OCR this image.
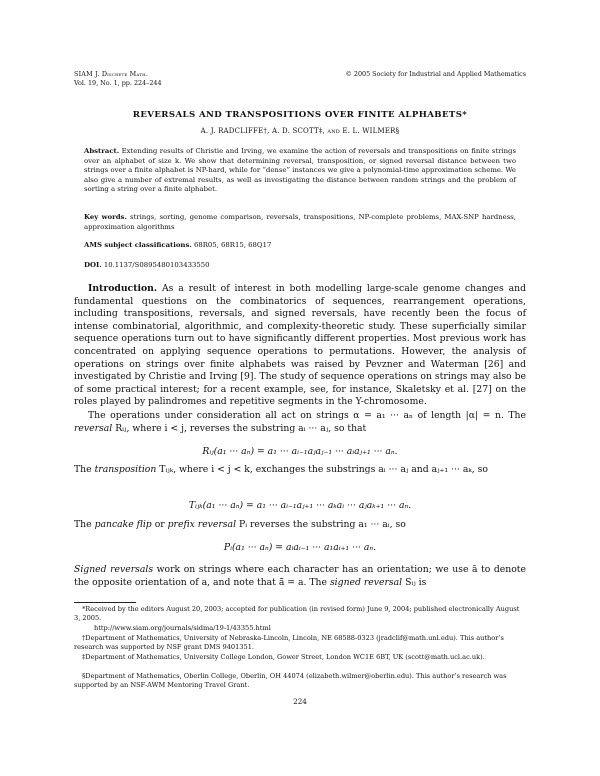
SIAM J. Discrete Math.
Vol. 19, No. 1, pp. 224–244
© 2005 Society for Industrial and Applied Mathematics
REVERSALS AND TRANSPOSITIONS OVER FINITE ALPHABETS*
A. J. RADCLIFFE†, A. D. SCOTT‡, and E. L. WILMER§
Abstract. Extending results of Christie and Irving, we examine the action of reversals and transpositions on finite strings over an alphabet of size k. We show that determining reversal, transposition, or signed reversal distance between two strings over a finite alphabet is NP-hard, while for “dense” instances we give a polynomial-time approximation scheme. We also give a number of extremal results, as well as investigating the distance between random strings and the problem of sorting a string over a finite alphabet.
Key words. strings, sorting, genome comparison, reversals, transpositions, NP-complete problems, MAX-SNP hardness, approximation algorithms
AMS subject classifications. 68R05, 68R15, 68Q17
DOI. 10.1137/S0895480103433550
Introduction. As a result of interest in both modelling large-scale genome changes and fundamental questions on the combinatorics of sequences, rearrangement operations, including transpositions, reversals, and signed reversals, have recently been the focus of intense combinatorial, algorithmic, and complexity-theoretic study. These superficially similar sequence operations turn out to have significantly different properties. Most previous work has concentrated on applying sequence operations to permutations. However, the analysis of operations on strings over finite alphabets was raised by Pevzner and Waterman [26] and investigated by Christie and Irving [9]. The study of sequence operations on strings may also be of some practical interest; for a recent example, see, for instance, Skaletsky et al. [27] on the roles played by palindromes and repetitive segments in the Y-chromosome.
The operations under consideration all act on strings α = a₁ ··· aₙ of length |α| = n. The reversal Rᵢⱼ, where i < j, reverses the substring aᵢ ··· aⱼ, so that
Rᵢⱼ(a₁ ··· aₙ) = a₁ ··· aᵢ₋₁aⱼaⱼ₋₁ ··· aᵢaⱼ₊₁ ··· aₙ.
The transposition Tᵢⱼₖ, where i < j < k, exchanges the substrings aᵢ ··· aⱼ and aⱼ₊₁ ··· aₖ, so
Tᵢⱼₖ(a₁ ··· aₙ) = a₁ ··· aᵢ₋₁aⱼ₊₁ ··· aₖaᵢ ··· aⱼaₖ₊₁ ··· aₙ.
The pancake flip or prefix reversal Pᵢ reverses the substring a₁ ··· aᵢ, so
Pᵢ(a₁ ··· aₙ) = aᵢaᵢ₋₁ ··· a₁aᵢ₊₁ ··· aₙ.
Signed reversals work on strings where each character has an orientation; we use ā to denote the opposite orientation of a, and note that ā̄ = a. The signed reversal Sᵢⱼ is
*Received by the editors August 20, 2003; accepted for publication (in revised form) June 9, 2004; published electronically August 3, 2005.
http://www.siam.org/journals/sidma/19-1/43355.html
†Department of Mathematics, University of Nebraska-Lincoln, Lincoln, NE 68588-0323 (jradclif@math.unl.edu). This author’s research was supported by NSF grant DMS 9401351.
‡Department of Mathematics, University College London, Gower Street, London WC1E 6BT, UK (scott@math.ucl.ac.uk).
§Department of Mathematics, Oberlin College, Oberlin, OH 44074 (elizabeth.wilmer@oberlin.edu). This author’s research was supported by an NSF-AWM Mentoring Travel Grant.
224
